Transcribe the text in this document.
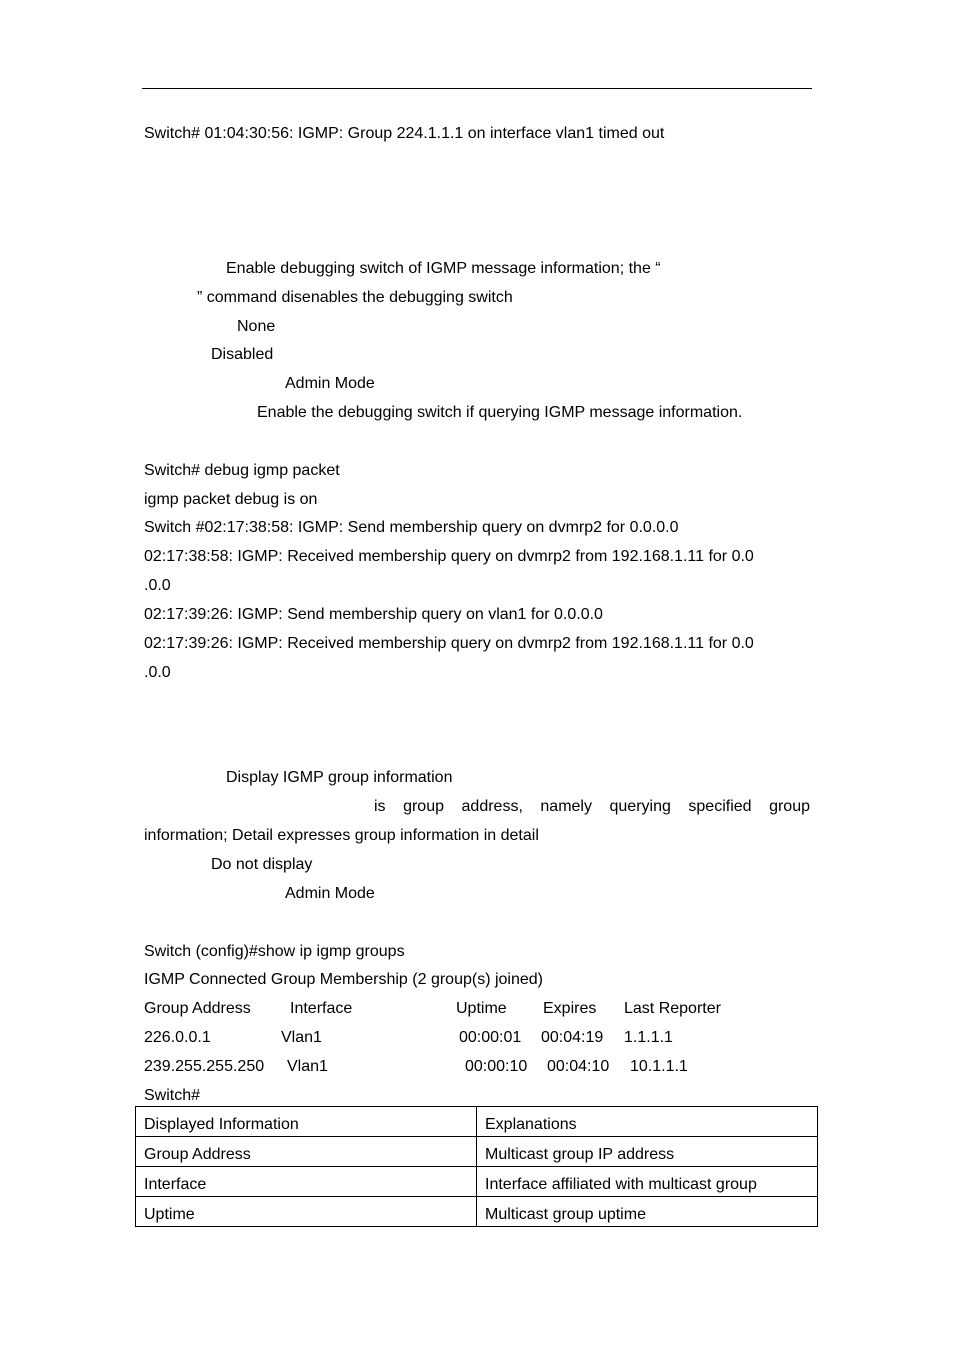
Switch# 01:04:30:56: IGMP: Group 224.1.1.1 on interface vlan1 timed out
Enable debugging switch of IGMP message information; the “
” command disenables the debugging switch
None
Disabled
Admin Mode
Enable the debugging switch if querying IGMP message information.
Switch# debug igmp packet
igmp packet debug is on
Switch #02:17:38:58: IGMP: Send membership query on dvmrp2 for 0.0.0.0
02:17:38:58: IGMP: Received membership query on dvmrp2 from 192.168.1.11 for 0.0
.0.0
02:17:39:26: IGMP: Send membership query on vlan1 for 0.0.0.0
02:17:39:26: IGMP: Received membership query on dvmrp2 from 192.168.1.11 for 0.0
.0.0
Display IGMP group information
is group address, namely querying specified group
information; Detail expresses group information in detail
Do not display
Admin Mode
Switch (config)#show ip igmp groups
IGMP Connected Group Membership (2 group(s) joined)
Group Address Interface	Uptime Expires Last Reporter
226.0.0.1	Vlan1	00:00:01 00:04:19 1.1.1.1
239.255.255.250 Vlan1	00:00:10 00:04:10 10.1.1.1
Switch#
Displayed Information	Explanations
Group Address	Multicast group IP address
Interface	Interface affiliated with multicast group
Uptime	Multicast group uptime
